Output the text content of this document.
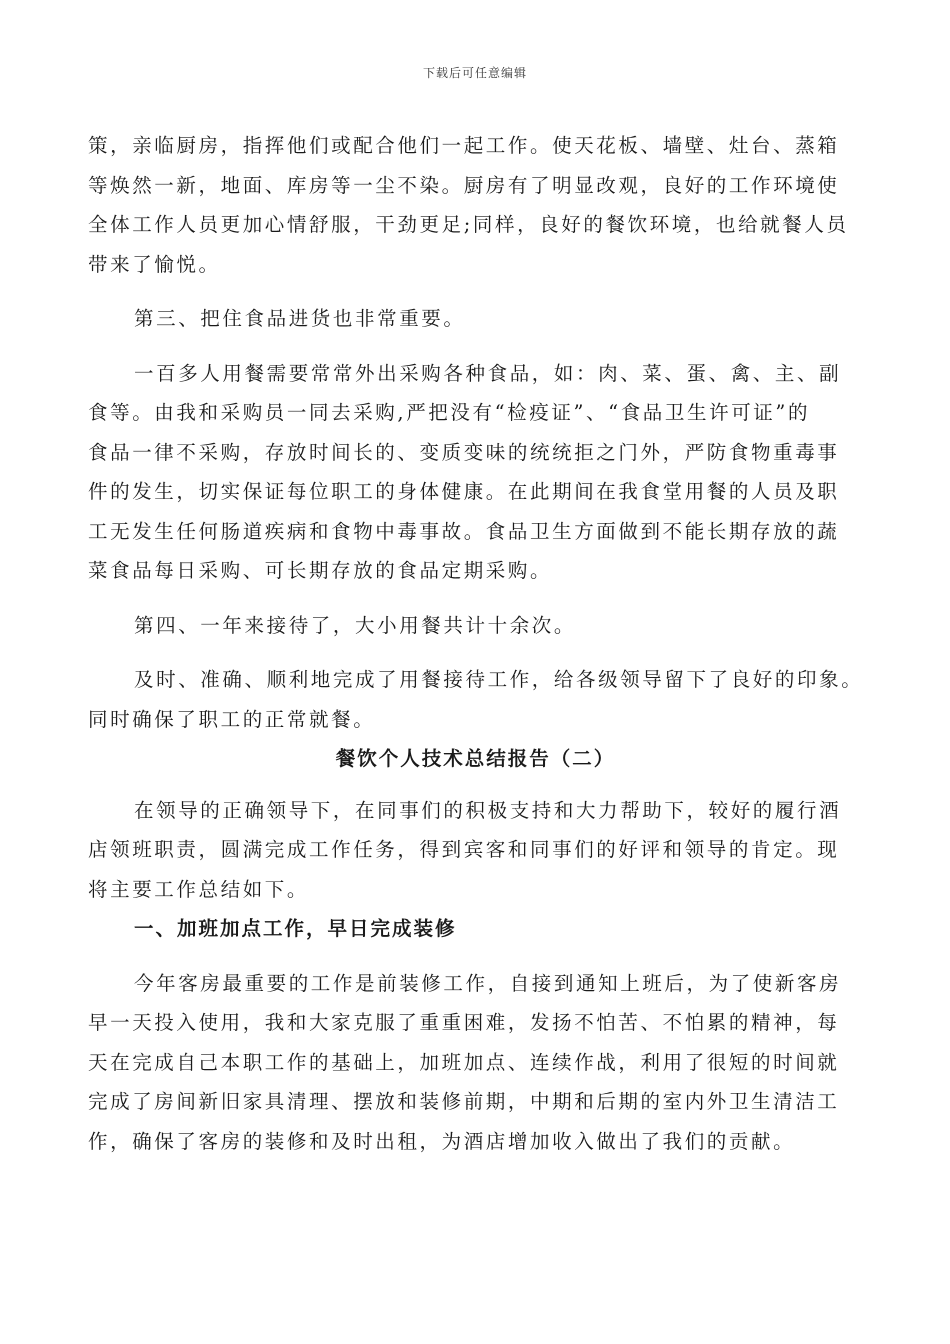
下载后可任意编辑

策，亲临厨房，指挥他们或配合他们一起工作。使天花板、墙壁、灶台、蒸箱
等焕然一新，地面、库房等一尘不染。厨房有了明显改观，良好的工作环境使
全体工作人员更加心情舒服，干劲更足;同样，良好的餐饮环境，也给就餐人员
带来了愉悦。

第三、把住食品进货也非常重要。

一百多人用餐需要常常外出采购各种食品，如：肉、菜、蛋、禽、主、副
食等。由我和采购员一同去采购,严把没有“检疫证”、“食品卫生许可证”的
食品一律不采购，存放时间长的、变质变味的统统拒之门外，严防食物重毒事
件的发生，切实保证每位职工的身体健康。在此期间在我食堂用餐的人员及职
工无发生任何肠道疾病和食物中毒事故。食品卫生方面做到不能长期存放的蔬
菜食品每日采购、可长期存放的食品定期采购。

第四、一年来接待了，大小用餐共计十余次。

及时、准确、顺利地完成了用餐接待工作，给各级领导留下了良好的印象。
同时确保了职工的正常就餐。

餐饮个人技术总结报告（二）

在领导的正确领导下，在同事们的积极支持和大力帮助下，较好的履行酒
店领班职责，圆满完成工作任务，得到宾客和同事们的好评和领导的肯定。现
将主要工作总结如下。

一、加班加点工作，早日完成装修

今年客房最重要的工作是前装修工作，自接到通知上班后，为了使新客房
早一天投入使用，我和大家克服了重重困难，发扬不怕苦、不怕累的精神，每
天在完成自己本职工作的基础上，加班加点、连续作战，利用了很短的时间就
完成了房间新旧家具清理、摆放和装修前期，中期和后期的室内外卫生清洁工
作，确保了客房的装修和及时出租，为酒店增加收入做出了我们的贡献。
